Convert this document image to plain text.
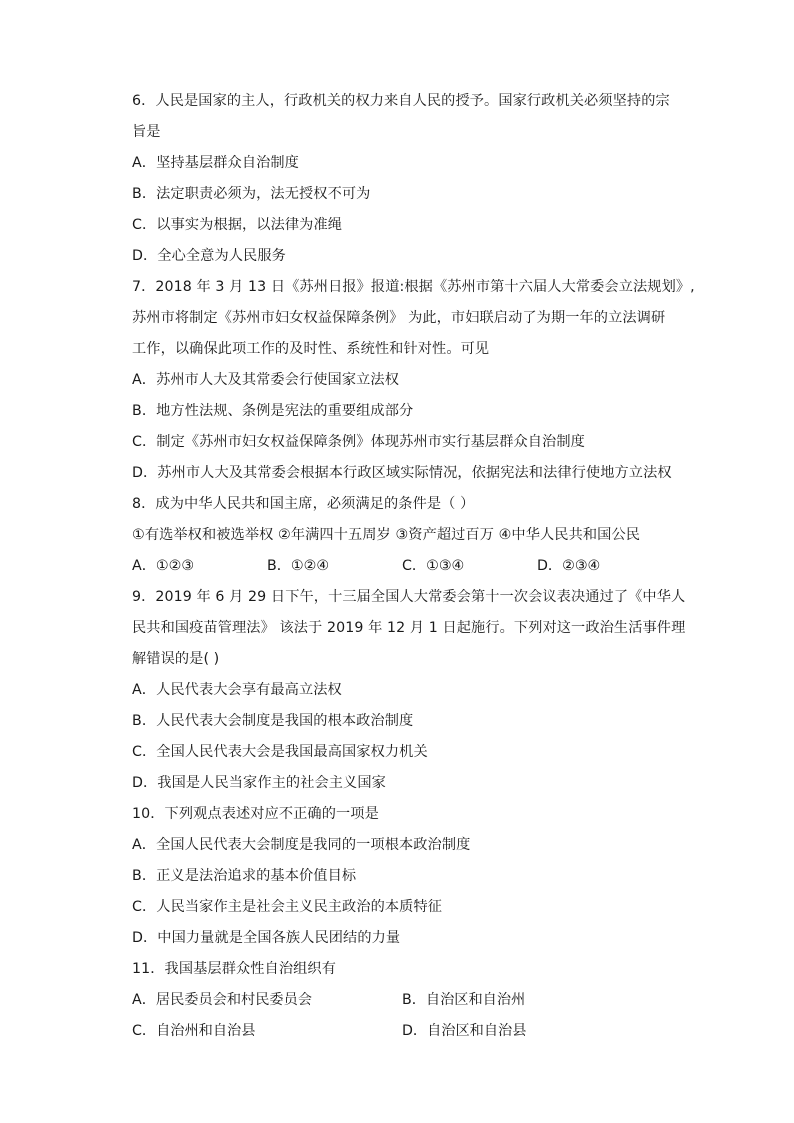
6．人民是国家的主人，行政机关的权力来自人民的授予。国家行政机关必须坚持的宗
旨是
A．坚持基层群众自治制度
B．法定职责必须为，法无授权不可为
C．以事实为根据，以法律为准绳
D．全心全意为人民服务
7．2018 年 3 月 13 日《苏州日报》报道:根据《苏州市第十六届人大常委会立法规划》,
苏州市将制定《苏州市妇女权益保障条例》 为此，市妇联启动了为期一年的立法调研
工作，以确保此项工作的及时性、系统性和针对性。可见
A．苏州市人大及其常委会行使国家立法权
B．地方性法规、条例是宪法的重要组成部分
C．制定《苏州市妇女权益保障条例》体现苏州市实行基层群众自治制度
D．苏州市人大及其常委会根据本行政区域实际情况，依据宪法和法律行使地方立法权
8．成为中华人民共和国主席，必须满足的条件是（ ）
①有选举权和被选举权 ②年满四十五周岁 ③资产超过百万 ④中华人民共和国公民
A．①②③	B．①②④	C．①③④	D．②③④
9．2019 年 6 月 29 日下午，十三届全国人大常委会第十一次会议表决通过了《中华人
民共和国疫苗管理法》 该法于 2019 年 12 月 1 日起施行。下列对这一政治生活事件理
解错误的是( )
A．人民代表大会享有最高立法权
B．人民代表大会制度是我国的根本政治制度
C．全国人民代表大会是我国最高国家权力机关
D．我国是人民当家作主的社会主义国家
10．下列观点表述对应不正确的一项是
A．全国人民代表大会制度是我同的一项根本政治制度
B．正义是法治追求的基本价值目标
C．人民当家作主是社会主义民主政治的本质特征
D．中国力量就是全国各族人民团结的力量
11．我国基层群众性自治组织有
A．居民委员会和村民委员会	B．自治区和自治州
C．自治州和自治县	D．自治区和自治县
